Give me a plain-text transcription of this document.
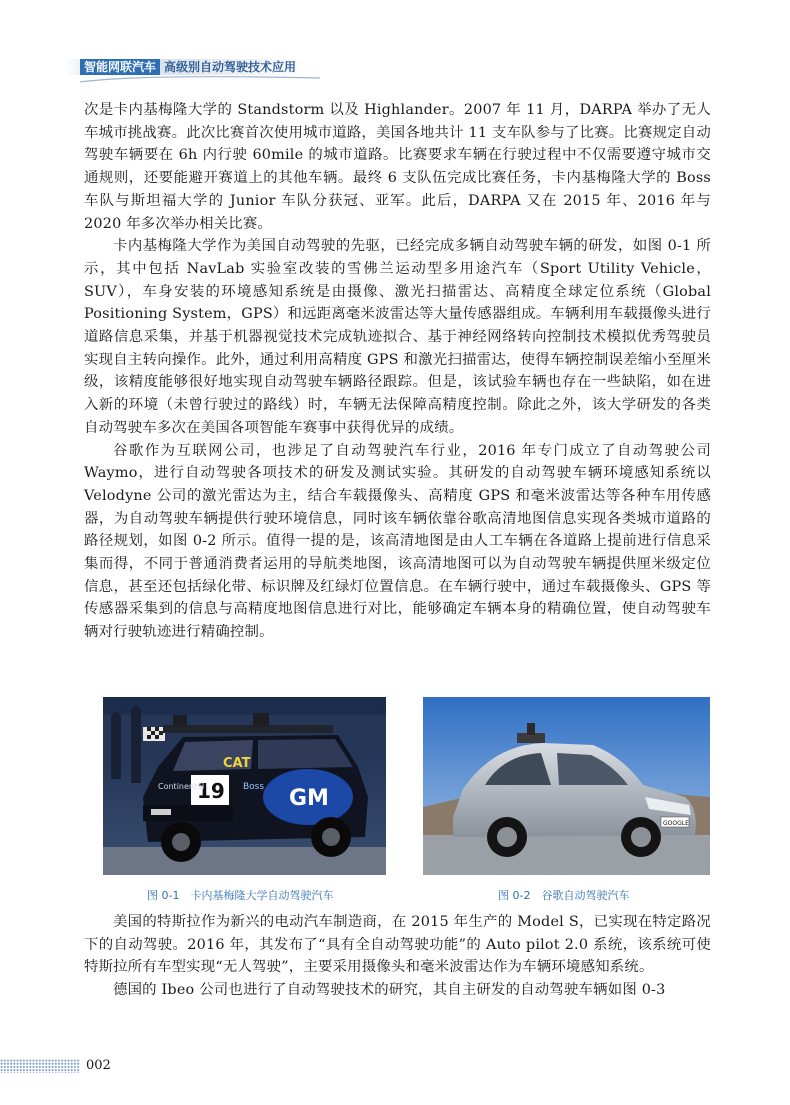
智能网联汽车 高级别自动驾驶技术应用

次是卡内基梅隆大学的 Standstorm 以及 Highlander。2007 年 11 月，DARPA 举办了无人车城市挑战赛。此次比赛首次使用城市道路，美国各地共计 11 支车队参与了比赛。比赛规定自动驾驶车辆要在 6h 内行驶 60mile 的城市道路。比赛要求车辆在行驶过程中不仅需要遵守城市交通规则，还要能避开赛道上的其他车辆。最终 6 支队伍完成比赛任务，卡内基梅隆大学的 Boss 车队与斯坦福大学的 Junior 车队分获冠、亚军。此后，DARPA 又在 2015 年、2016 年与 2020 年多次举办相关比赛。

卡内基梅隆大学作为美国自动驾驶的先驱，已经完成多辆自动驾驶车辆的研发，如图 0-1 所示，其中包括 NavLab 实验室改装的雪佛兰运动型多用途汽车（Sport Utility Vehicle，SUV），车身安装的环境感知系统是由摄像、激光扫描雷达、高精度全球定位系统（Global Positioning System，GPS）和远距离毫米波雷达等大量传感器组成。车辆利用车载摄像头进行道路信息采集，并基于机器视觉技术完成轨迹拟合、基于神经网络转向控制技术模拟优秀驾驶员实现自主转向操作。此外，通过利用高精度 GPS 和激光扫描雷达，使得车辆控制误差缩小至厘米级，该精度能够很好地实现自动驾驶车辆路径跟踪。但是，该试验车辆也存在一些缺陷，如在进入新的环境（未曾行驶过的路线）时，车辆无法保障高精度控制。除此之外，该大学研发的各类自动驾驶车多次在美国各项智能车赛事中获得优异的成绩。

谷歌作为互联网公司，也涉足了自动驾驶汽车行业，2016 年专门成立了自动驾驶公司 Waymo，进行自动驾驶各项技术的研发及测试实验。其研发的自动驾驶车辆环境感知系统以 Velodyne 公司的激光雷达为主，结合车载摄像头、高精度 GPS 和毫米波雷达等各种车用传感器，为自动驾驶车辆提供行驶环境信息，同时该车辆依靠谷歌高清地图信息实现各类城市道路的路径规划，如图 0-2 所示。值得一提的是，该高清地图是由人工车辆在各道路上提前进行信息采集而得，不同于普通消费者运用的导航类地图，该高清地图可以为自动驾驶车辆提供厘米级定位信息，甚至还包括绿化带、标识牌及红绿灯位置信息。在车辆行驶中，通过车载摄像头、GPS 等传感器采集到的信息与高精度地图信息进行对比，能够确定车辆本身的精确位置，使自动驾驶车辆对行驶轨迹进行精确控制。

GM
CAT
19
Continental	Boss
GOOGLE
图 0-1　卡内基梅隆大学自动驾驶汽车	图 0-2　谷歌自动驾驶汽车

美国的特斯拉作为新兴的电动汽车制造商，在 2015 年生产的 Model S，已实现在特定路况下的自动驾驶。2016 年，其发布了“具有全自动驾驶功能”的 Auto pilot 2.0 系统，该系统可使特斯拉所有车型实现“无人驾驶”，主要采用摄像头和毫米波雷达作为车辆环境感知系统。

德国的 Ibeo 公司也进行了自动驾驶技术的研究，其自主研发的自动驾驶车辆如图 0-3

002
